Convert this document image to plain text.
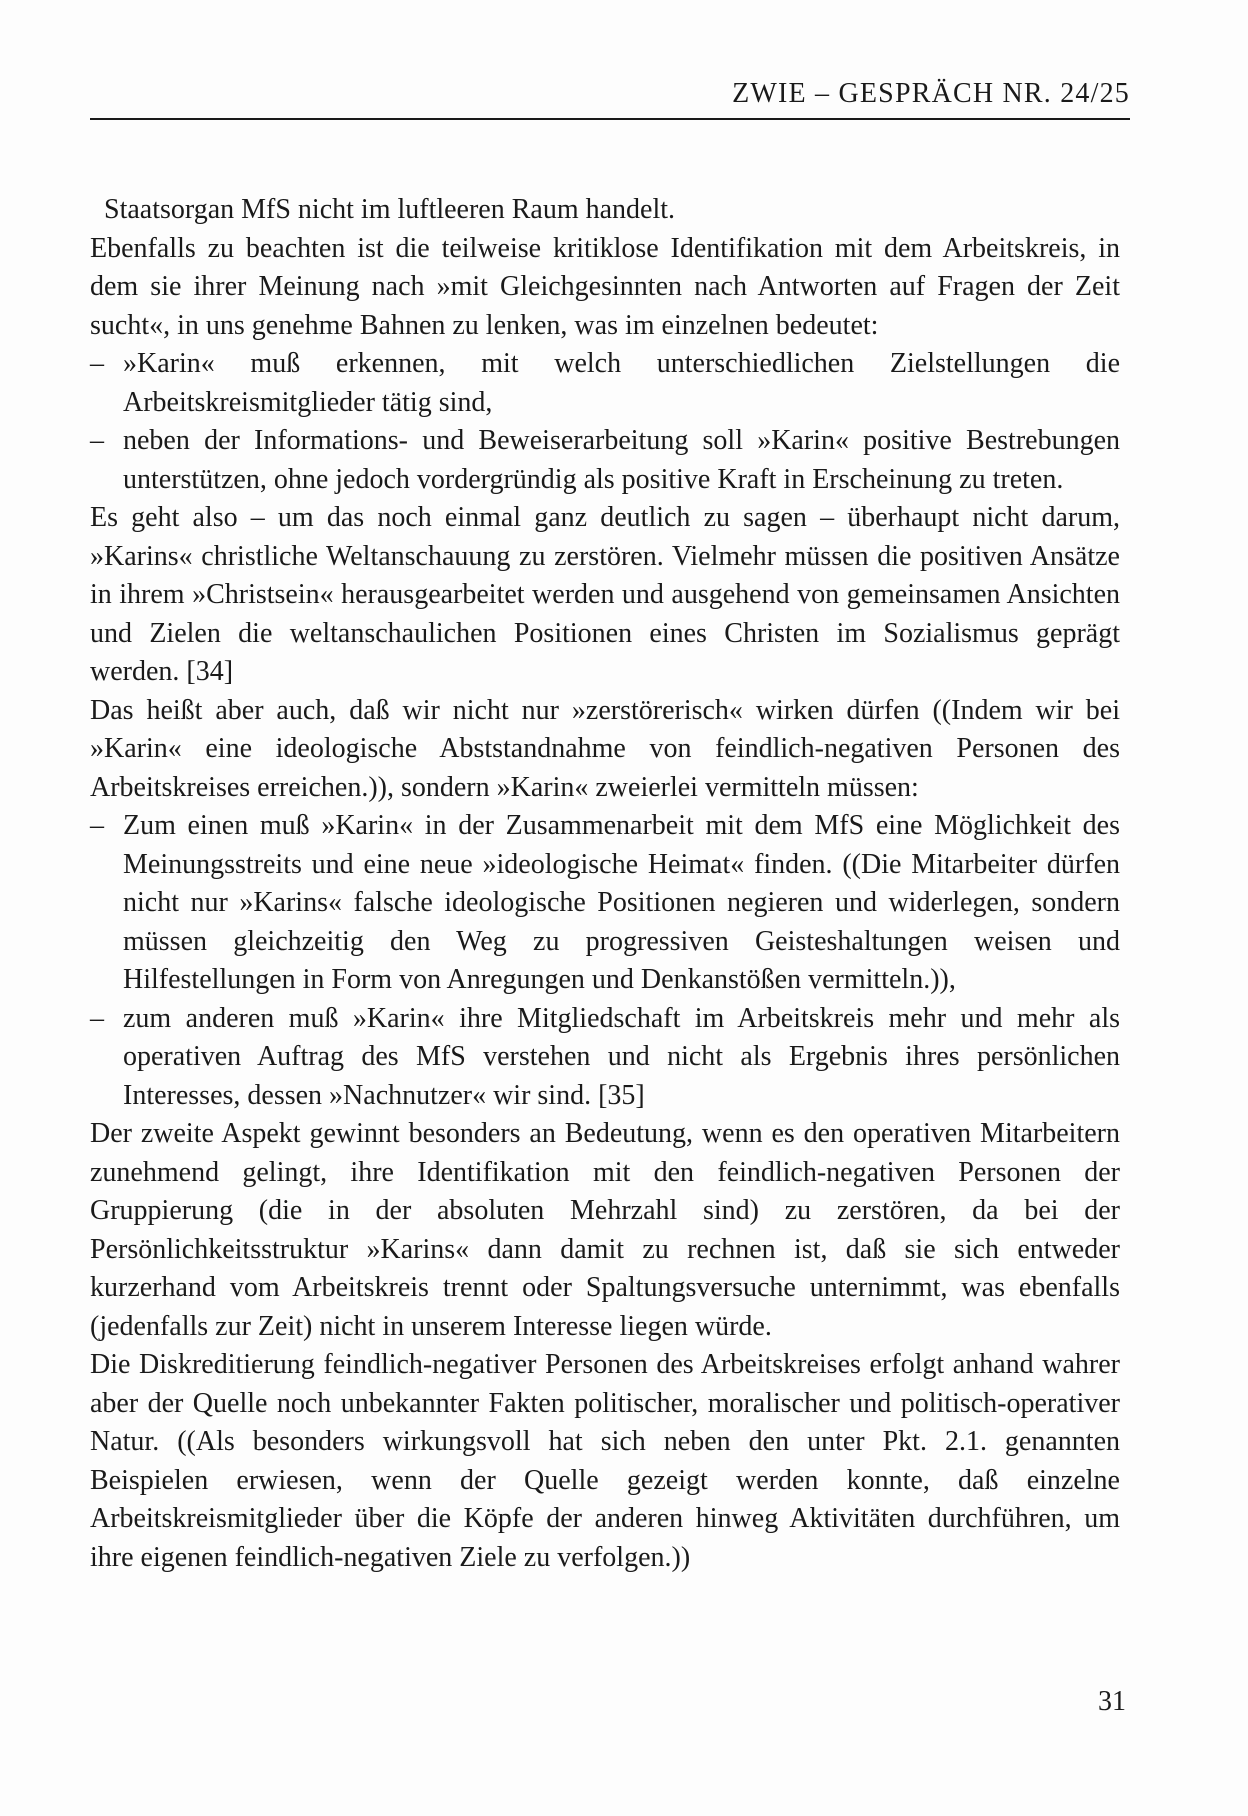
ZWIE – GESPRÄCH NR. 24/25

Staatsorgan MfS nicht im luftleeren Raum handelt.

Ebenfalls zu beachten ist die teilweise kritiklose Identifikation mit dem Arbeitskreis, in dem sie ihrer Meinung nach »mit Gleichgesinnten nach Antworten auf Fragen der Zeit sucht«, in uns genehme Bahnen zu lenken, was im einzelnen bedeutet:

– »Karin« muß erkennen, mit welch unterschiedlichen Zielstellungen die Arbeitskreismitglieder tätig sind,

– neben der Informations- und Beweiserarbeitung soll »Karin« positive Bestrebungen unterstützen, ohne jedoch vordergründig als positive Kraft in Erscheinung zu treten.

Es geht also – um das noch einmal ganz deutlich zu sagen – überhaupt nicht darum, »Karins« christliche Weltanschauung zu zerstören. Vielmehr müssen die positiven Ansätze in ihrem »Christsein« herausgearbeitet werden und ausgehend von gemeinsamen Ansichten und Zielen die weltanschaulichen Positionen eines Christen im Sozialismus geprägt werden. [34]

Das heißt aber auch, daß wir nicht nur »zerstörerisch« wirken dürfen ((Indem wir bei »Karin« eine ideologische Abststandnahme von feindlich-negativen Personen des Arbeitskreises erreichen.)), sondern »Karin« zweierlei vermitteln müssen:

– Zum einen muß »Karin« in der Zusammenarbeit mit dem MfS eine Möglichkeit des Meinungsstreits und eine neue »ideologische Heimat« finden. ((Die Mitarbeiter dürfen nicht nur »Karins« falsche ideologische Positionen negieren und widerlegen, sondern müssen gleichzeitig den Weg zu progressiven Geisteshaltungen weisen und Hilfestellungen in Form von Anregungen und Denkanstößen vermitteln.)),

– zum anderen muß »Karin« ihre Mitgliedschaft im Arbeitskreis mehr und mehr als operativen Auftrag des MfS verstehen und nicht als Ergebnis ihres persönlichen Interesses, dessen »Nachnutzer« wir sind. [35]

Der zweite Aspekt gewinnt besonders an Bedeutung, wenn es den operativen Mitarbeitern zunehmend gelingt, ihre Identifikation mit den feindlich-negativen Personen der Gruppierung (die in der absoluten Mehrzahl sind) zu zerstören, da bei der Persönlichkeitsstruktur »Karins« dann damit zu rechnen ist, daß sie sich entweder kurzerhand vom Arbeitskreis trennt oder Spaltungsversuche unternimmt, was ebenfalls (jedenfalls zur Zeit) nicht in unserem Interesse liegen würde.

Die Diskreditierung feindlich-negativer Personen des Arbeitskreises erfolgt anhand wahrer aber der Quelle noch unbekannter Fakten politischer, moralischer und politisch-operativer Natur. ((Als besonders wirkungsvoll hat sich neben den unter Pkt. 2.1. genannten Beispielen erwiesen, wenn der Quelle gezeigt werden konnte, daß einzelne Arbeitskreismitglieder über die Köpfe der anderen hinweg Aktivitäten durchführen, um ihre eigenen feindlich-negativen Ziele zu verfolgen.))

31
